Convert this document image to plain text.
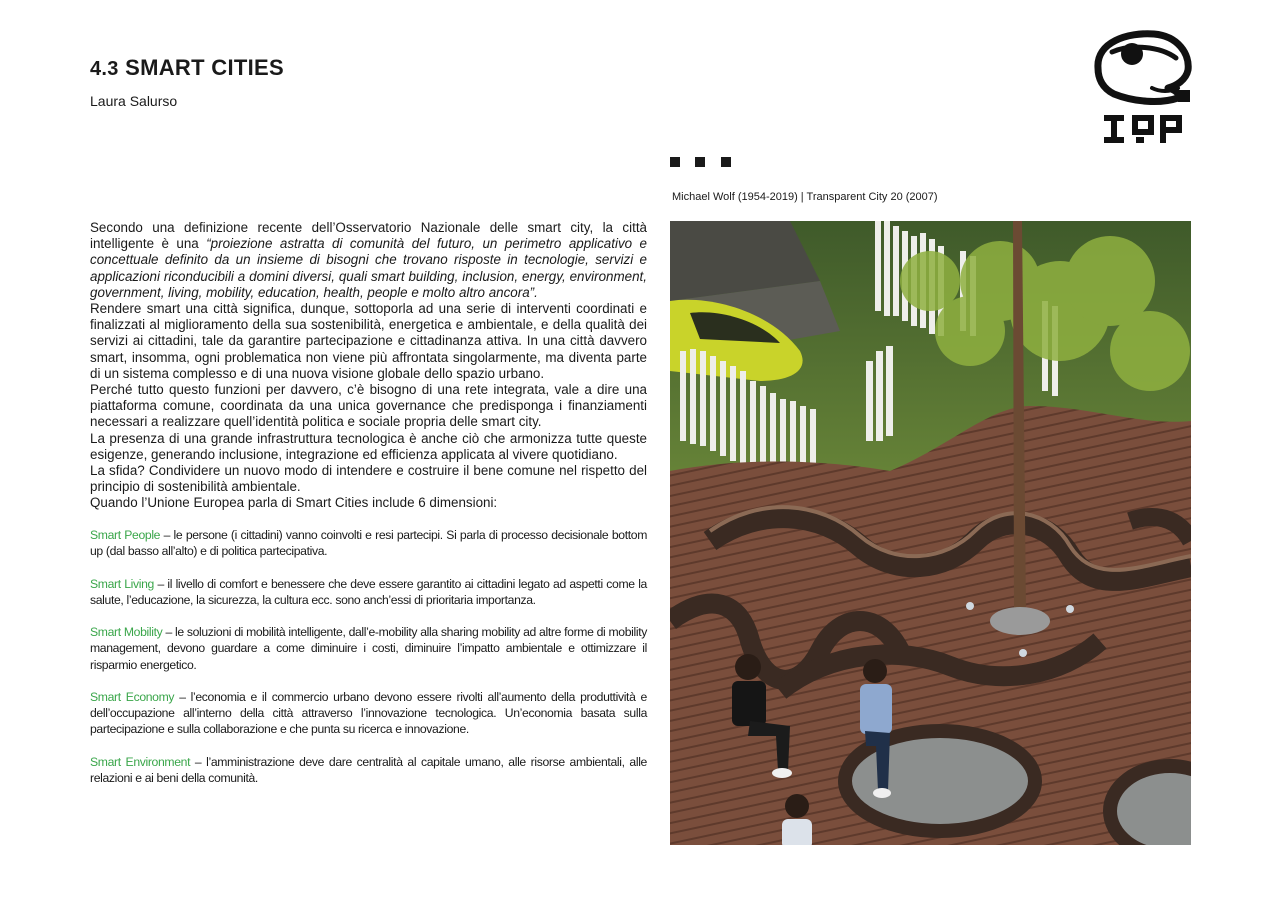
4.3 SMART CITIES

Laura Salurso

Michael Wolf (1954-2019) | Transparent City 20 (2007)

Secondo una definizione recente dell’Osservatorio Nazionale delle smart city, la città intelligente è una “proiezione astratta di comunità del futuro, un perimetro applicativo e concettuale definito da un insieme di bisogni che trovano risposte in tecnologie, servizi e applicazioni riconducibili a domini diversi, quali smart building, inclusion, energy, environment, government, living, mobility, education, health, people e molto altro ancora”.

Rendere smart una città significa, dunque, sottoporla ad una serie di interventi coordinati e finalizzati al miglioramento della sua sostenibilità, energetica e ambientale, e della qualità dei servizi ai cittadini, tale da garantire partecipazione e cittadinanza attiva. In una città davvero smart, insomma, ogni problematica non viene più affrontata singolarmente, ma diventa parte di un sistema complesso e di una nuova visione globale dello spazio urbano.

Perché tutto questo funzioni per davvero, c’è bisogno di una rete integrata, vale a dire una piattaforma comune, coordinata da una unica governance che predisponga i finanziamenti necessari a realizzare quell’identità politica e sociale propria delle smart city.

La presenza di una grande infrastruttura tecnologica è anche ciò che armonizza tutte queste esigenze, generando inclusione, integrazione ed efficienza applicata al vivere quotidiano.

La sfida? Condividere un nuovo modo di intendere e costruire il bene comune nel rispetto del principio di sostenibilità ambientale.

Quando l’Unione Europea parla di Smart Cities include 6 dimensioni:

Smart People – le persone (i cittadini) vanno coinvolti e resi partecipi. Si parla di processo decisionale bottom up (dal basso all’alto) e di politica partecipativa.

Smart Living – il livello di comfort e benessere che deve essere garantito ai cittadini legato ad aspetti come la salute, l’educazione, la sicurezza, la cultura ecc. sono anch’essi di prioritaria importanza.

Smart Mobility – le soluzioni di mobilità intelligente, dall’e-mobility alla sharing mobility ad altre forme di mobility management, devono guardare a come diminuire i costi, diminuire l’impatto ambientale e ottimizzare il risparmio energetico.

Smart Economy – l’economia e il commercio urbano devono essere rivolti all’aumento della produttività e dell’occupazione all’interno della città attraverso l’innovazione tecnologica. Un’economia basata sulla partecipazione e sulla collaborazione e che punta su ricerca e innovazione.

Smart Environment – l’amministrazione deve dare centralità al capitale umano, alle risorse ambientali, alle relazioni e ai beni della comunità.
